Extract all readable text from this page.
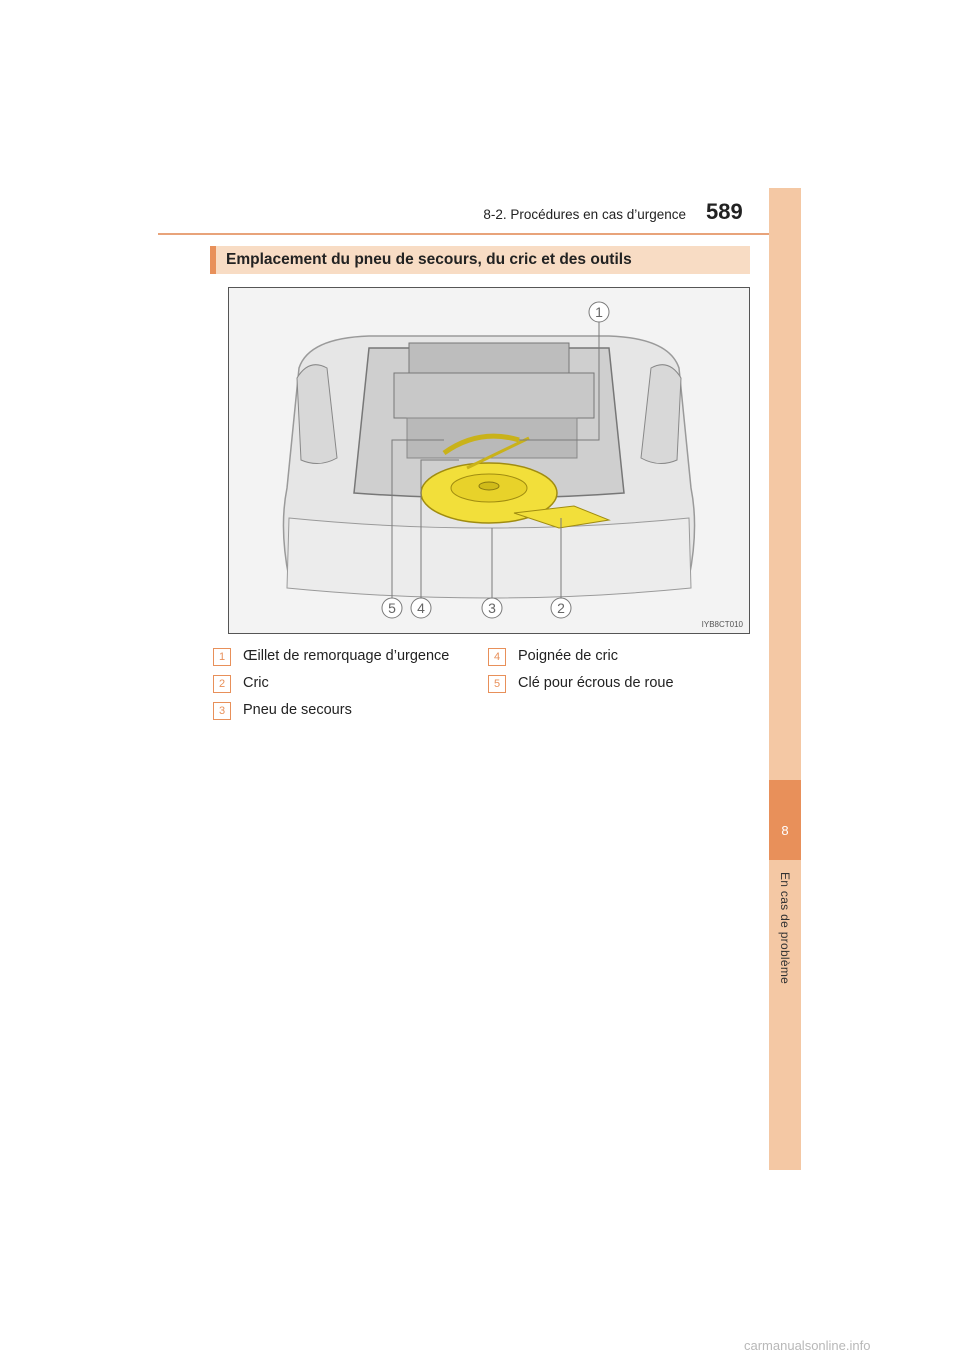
8-2. Procédures en cas d’urgence 589
8
En cas de problème
Emplacement du pneu de secours, du cric et des outils
1
2
3
4
5
IYB8CT010
1	Œillet de remorquage d’urgence
2	Cric
3	Pneu de secours
4	Poignée de cric
5	Clé pour écrous de roue
carmanualsonline.info
